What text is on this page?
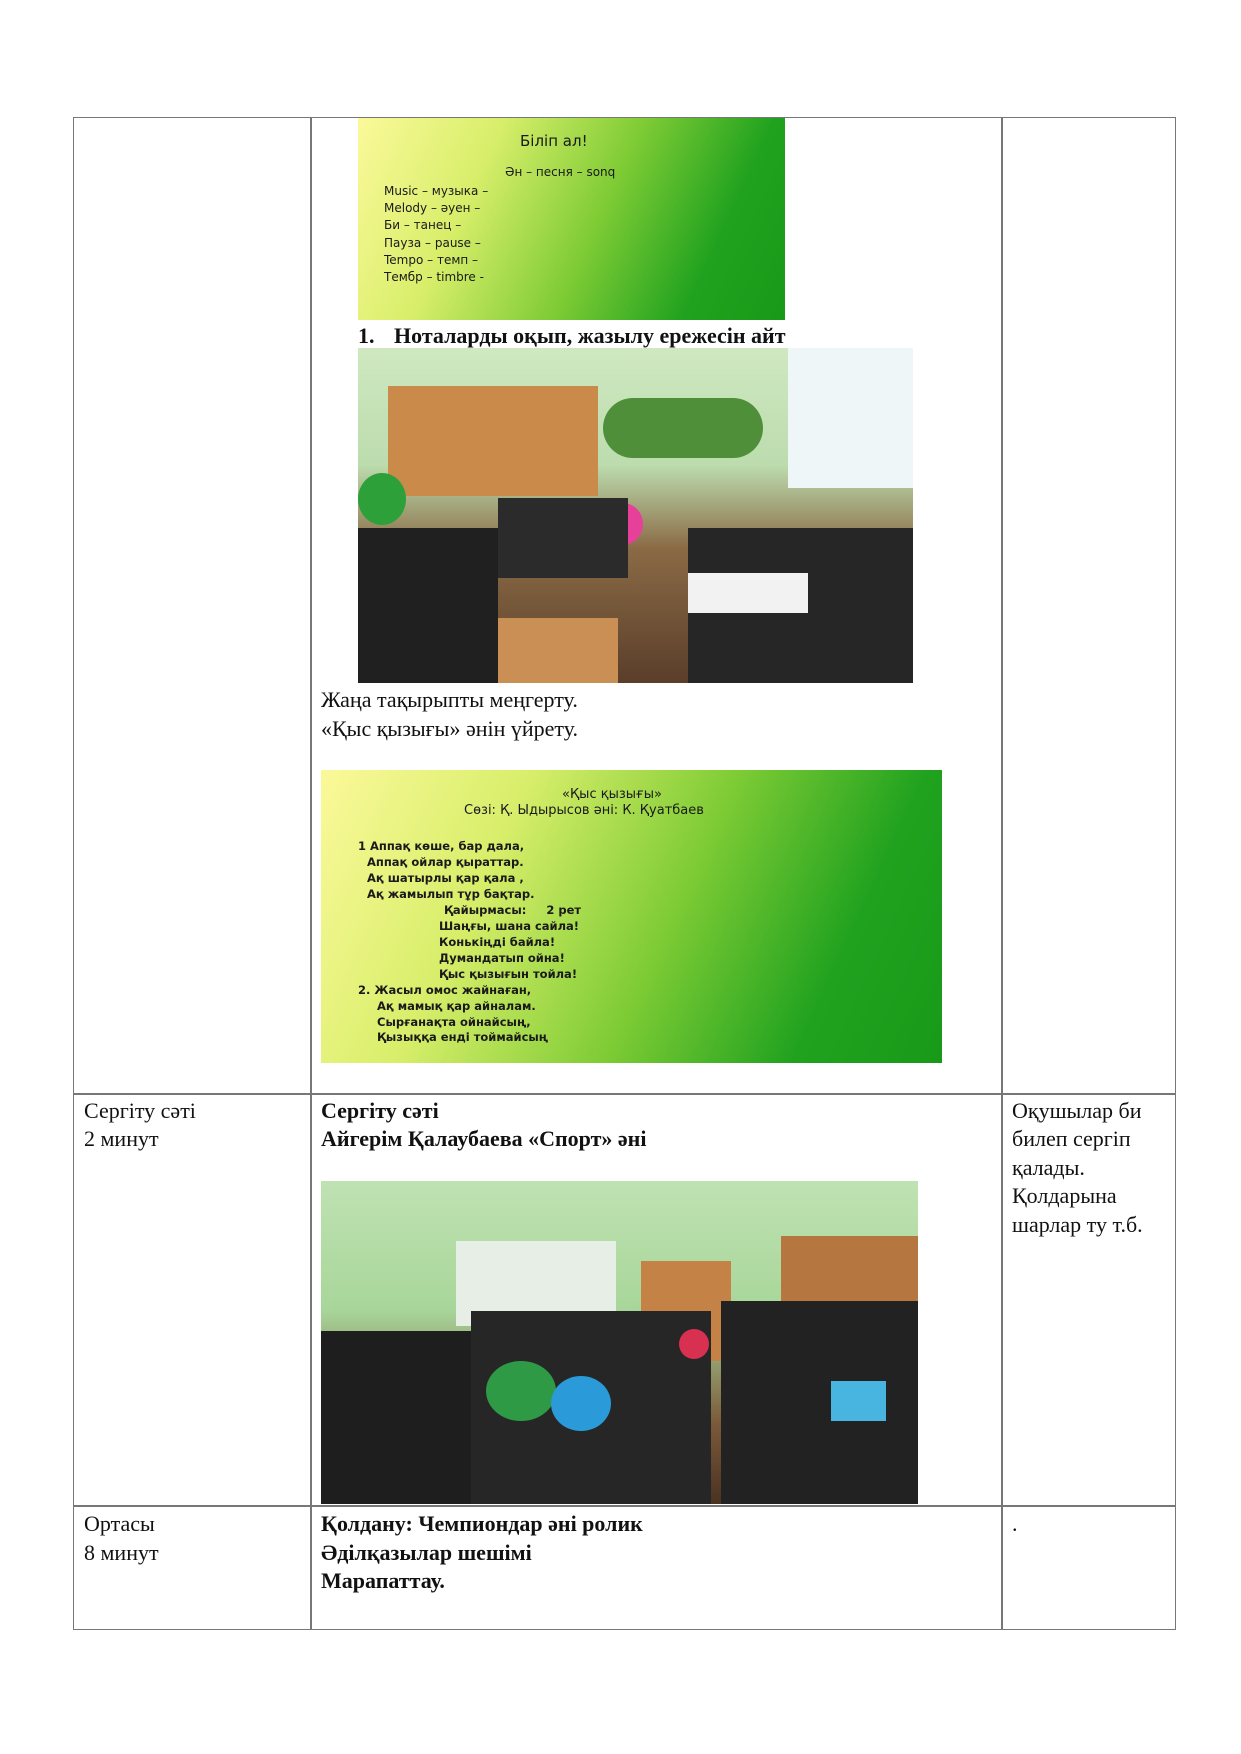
Біліп ал!
Ән – песня – sonq
Music – музыка –
Melody – әуен –
Би – танец –
Пауза – pause –
Tempo – темп –
Тембр – timbre -
1. Ноталарды оқып, жазылу ережесін айт
Жаңа тақырыпты меңгерту.
«Қыс қызығы» әнін үйрету.
«Қыс қызығы»
Сөзі: Қ. Ыдырысов әні: К. Қуатбаев
1 Аппақ көше, бар дала,
Аппақ ойлар қыраттар.
Ақ шатырлы қар қала ,
Ақ жамылып тұр бақтар.
Қайырмасы:     2 рет
Шаңғы, шана сайла!
Конькіңді байла!
Думандатып ойна!
Қыс қызығын тойла!
2. Жасыл омос жайнаған,
Ақ мамық қар айналам.
Сырғанақта ойнайсың,
Қызыққа енді тоймайсың
Сергіту сәті
2 минут
Сергіту сәті
Айгерім Қалаубаева «Спорт» әні
Оқушылар би
билеп сергіп
қалады.
Қолдарына
шарлар ту т.б.
Ортасы
8 минут
Қолдану: Чемпиондар әні ролик
Әділқазылар шешімі
Марапаттау.
.
